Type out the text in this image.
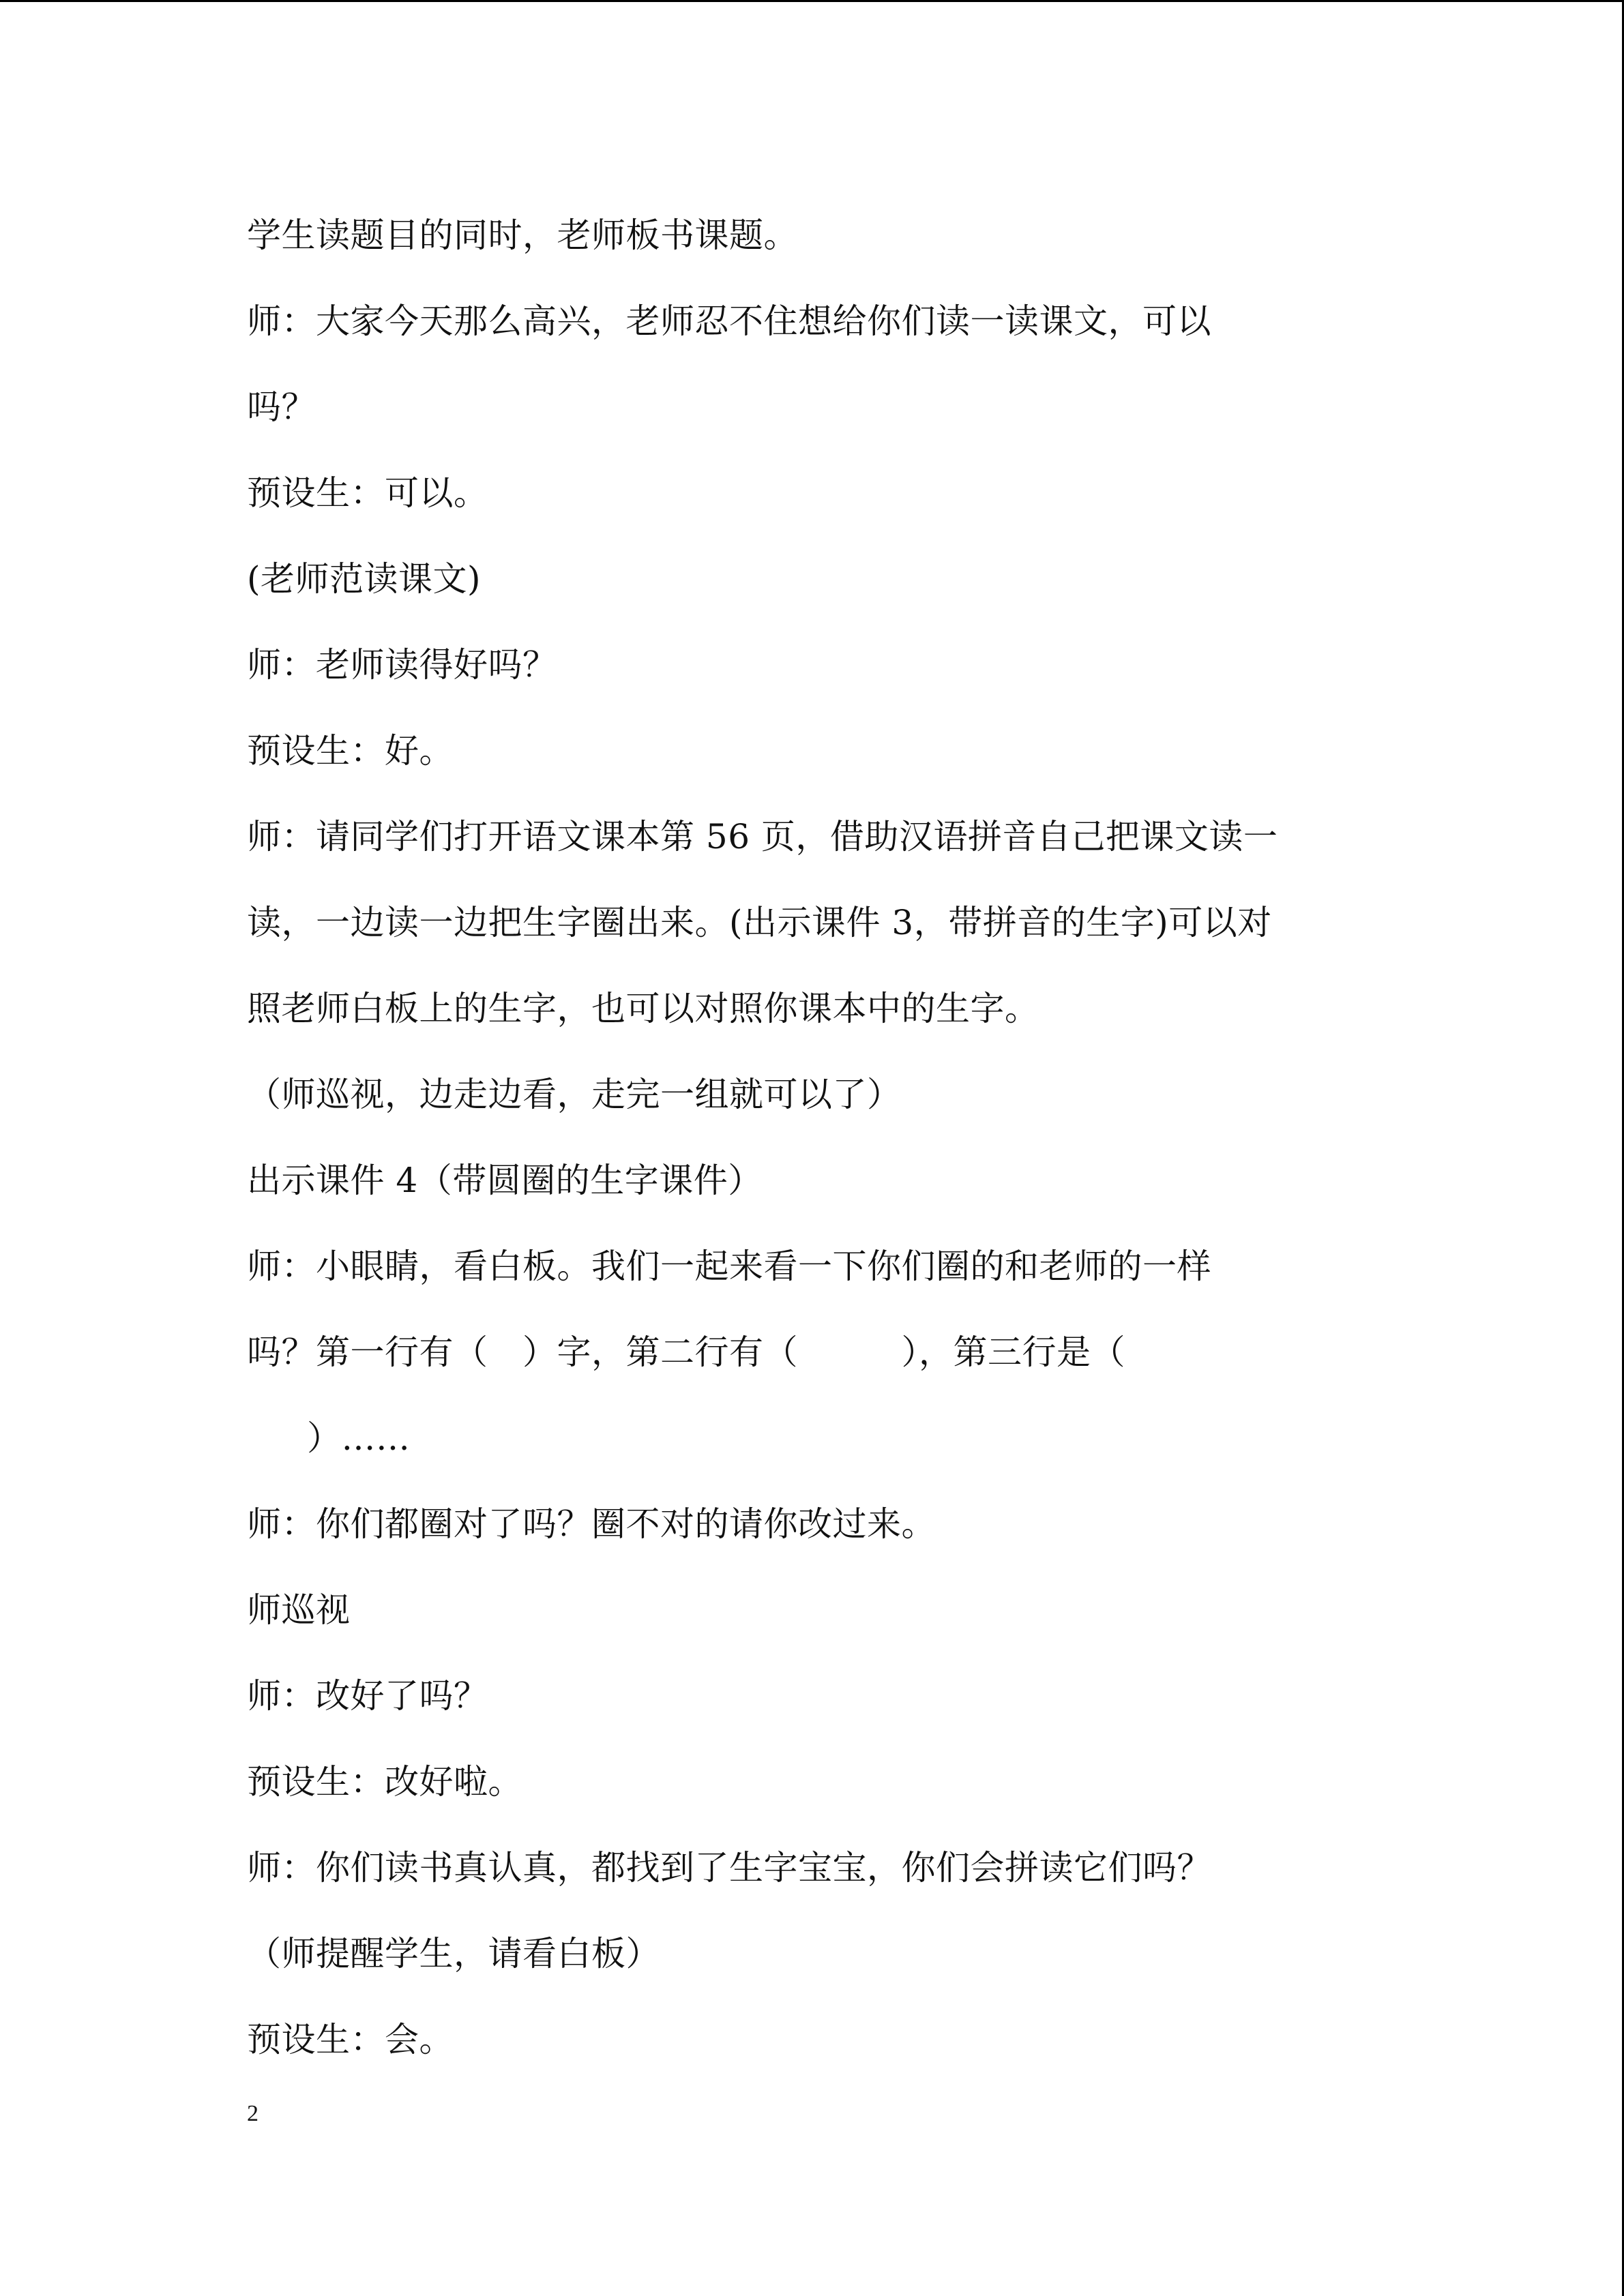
学生读题目的同时，老师板书课题。
师：大家今天那么高兴，老师忍不住想给你们读一读课文，可以
吗？
预设生：可以。
(老师范读课文)
师：老师读得好吗？
预设生：好。
师：请同学们打开语文课本第 56 页，借助汉语拼音自己把课文读一
读，一边读一边把生字圈出来。(出示课件 3，带拼音的生字)可以对
照老师白板上的生字，也可以对照你课本中的生字。
（师巡视，边走边看，走完一组就可以了）
出示课件 4（带圆圈的生字课件）
师：小眼睛，看白板。我们一起来看一下你们圈的和老师的一样
吗？第一行有（　）字，第二行有（　　　），第三行是（
）……
师：你们都圈对了吗？圈不对的请你改过来。
师巡视
师：改好了吗？
预设生：改好啦。
师：你们读书真认真，都找到了生字宝宝，你们会拼读它们吗？
（师提醒学生，请看白板）
预设生：会。
2
